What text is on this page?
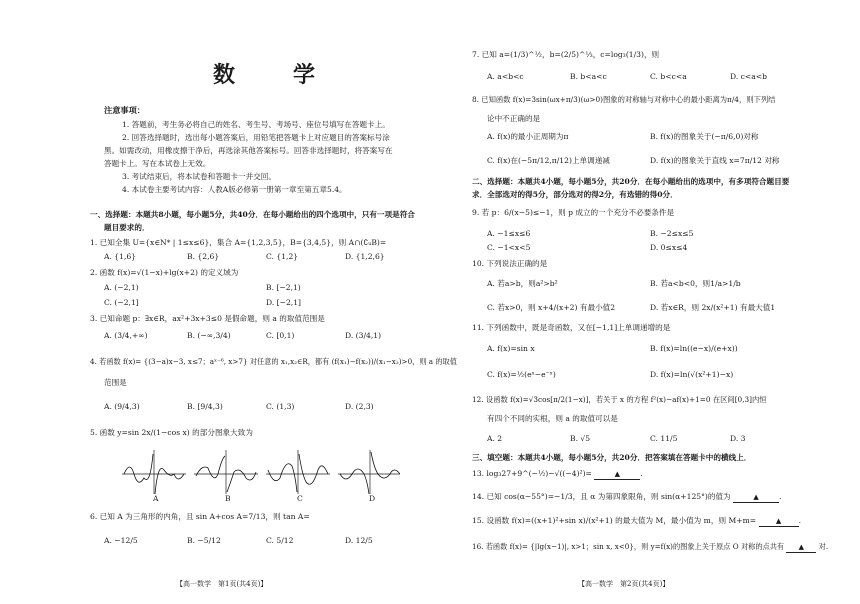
数　学
注意事项：
1. 答题前，考生务必将自己的姓名、考生号、考场号、座位号填写在答题卡上。
2. 回答选择题时，选出每小题答案后，用铅笔把答题卡上对应题目的答案标号涂
黑。如需改动，用橡皮擦干净后，再选涂其他答案标号。回答非选择题时，将答案写在
答题卡上。写在本试卷上无效。
3. 考试结束后，将本试卷和答题卡一并交回。
4. 本试卷主要考试内容：人教A版必修第一册第一章至第五章5.4。
一、选择题：本题共8小题，每小题5分，共40分．在每小题给出的四个选项中，只有一项是符合
题目要求的．
1. 已知全集 U={x∈N* | 1≤x≤6}，集合 A={1,2,3,5}，B={3,4,5}，则 A∩(∁ᵤB)=
A. {1,6}	B. {2,6}	C. {1,2}	D. {1,2,6}
2. 函数 f(x)=√(1−x)+lg(x+2) 的定义域为
A. (−2,1)	B. [−2,1)
C. (−2,1]	D. [−2,1]
3. 已知命题 p：∃x∈R，ax²+3x+3≤0 是假命题，则 a 的取值范围是
A. (3/4,+∞)	B. (−∞,3/4)	C. [0,1)	D. (3/4,1)
4. 若函数 f(x)= {(3−a)x−3, x≤7；aˣ⁻⁶, x>7} 对任意的 x₁,x₂∈R，都有 (f(x₁)−f(x₂))/(x₁−x₂)>0，则 a 的取值
范围是
A. (9/4,3)	B. [9/4,3)	C. (1,3)	D. (2,3)
5. 函数 y=sin 2x/(1−cos x) 的部分图象大致为
A	B	C	D
6. 已知 A 为三角形的内角，且 sin A+cos A=7/13，则 tan A=
A. −12/5	B. −5/12	C. 5/12	D. 12/5
【高一数学　第1页(共4页)】
7. 已知 a=(1/3)^½，b=(2/5)^⅓，c=log₃(1/3)，则
A. a<b<c	B. b<a<c	C. b<c<a	D. c<a<b
8. 已知函数 f(x)=3sin(ωx+π/3)(ω>0)图象的对称轴与对称中心的最小距离为π/4，则下列结
论中不正确的是
A. f(x)的最小正周期为π	B. f(x)的图象关于(−π/6,0)对称
C. f(x)在(−5π/12,π/12)上单调递减	D. f(x)的图象关于直线 x=7π/12 对称
二、选择题：本题共4小题，每小题5分，共20分．在每小题给出的选项中，有多项符合题目要
求．全部选对的得5分，部分选对的得2分，有选错的得0分．
9. 若 p：6/(x−5)≤−1，则 p 成立的一个充分不必要条件是
A. −1≤x≤6	B. −2≤x≤5
C. −1<x<5	D. 0≤x≤4
10. 下列说法正确的是
A. 若a>b，则a²>b²	B. 若a<b<0，则1/a>1/b
C. 若x>0，则 x+4/(x+2) 有最小值2	D. 若x∈R，则 2x/(x²+1) 有最大值1
11. 下列函数中，既是奇函数，又在[−1,1]上单调递增的是
A. f(x)=sin x	B. f(x)=ln((e−x)/(e+x))
C. f(x)=½(eˣ−e⁻ˣ)	D. f(x)=ln(√(x²+1)−x)
12. 设函数 f(x)=√3cos[π/2(1−x)]，若关于 x 的方程 f²(x)−af(x)+1=0 在区间[0,3]内恒
有四个不同的实根，则 a 的取值可以是
A. 2	B. √5	C. 11/5	D. 3
三、填空题：本题共4小题，每小题5分，共20分．把答案填在答题卡中的横线上．
13. log₃27+9^(−½)−√((−4)²)=	▲	.
14. 已知 cos(α−55°)=−1/3，且 α 为第四象限角，则 sin(α+125°)的值为	▲	.
15. 设函数 f(x)=((x+1)²+sin x)/(x²+1) 的最大值为 M，最小值为 m，则 M+m=	▲ .
16. 若函数 f(x)= {|lg(x−1)|, x>1；sin x, x<0}，则 y=f(x)的图象上关于原点 O 对称的点共有 ▲ 对.
【高一数学　第2页(共4页)】
